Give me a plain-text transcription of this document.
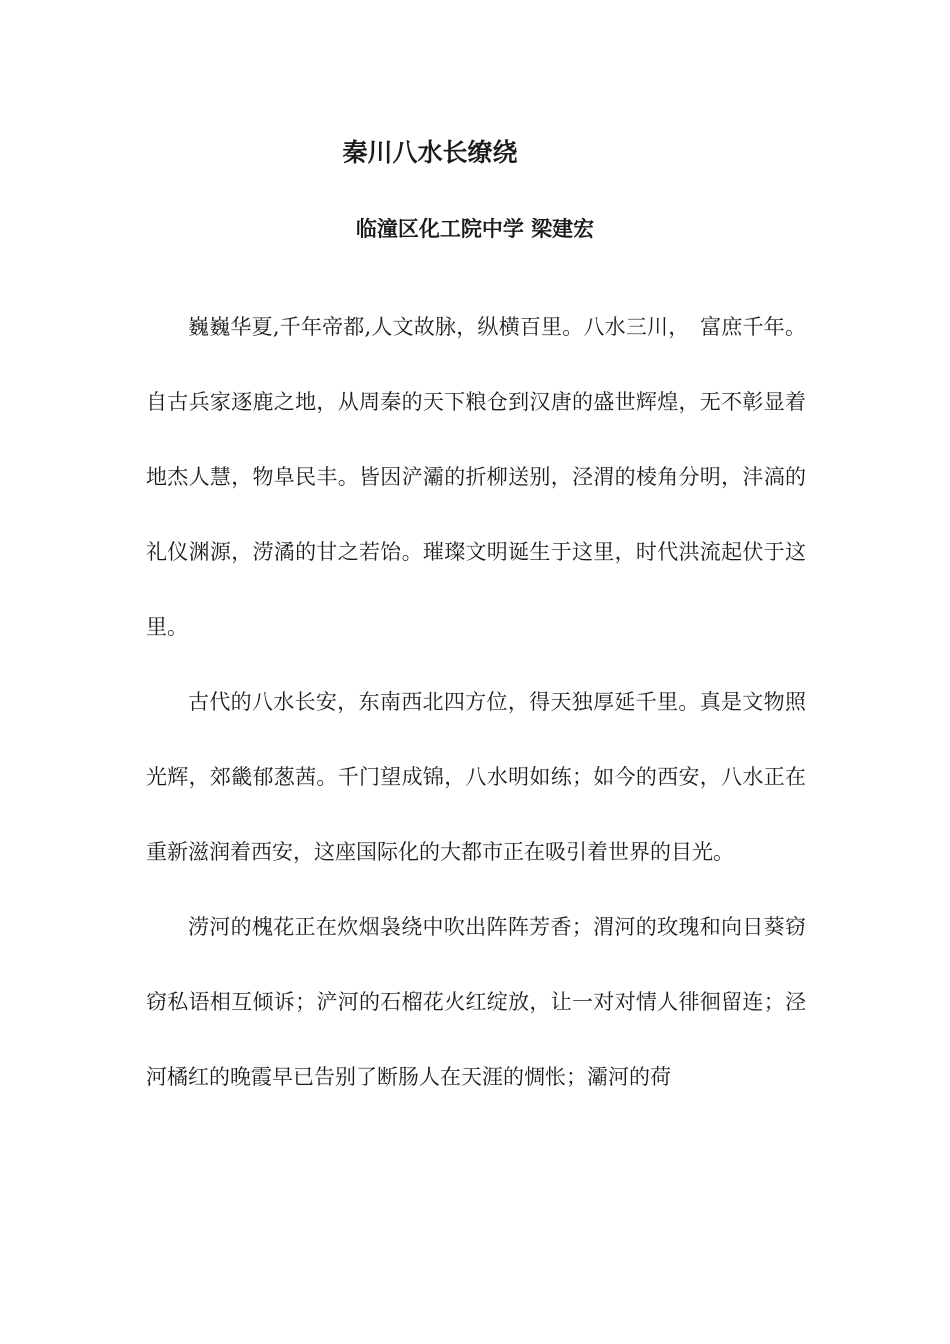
秦川八水长缭绕
临潼区化工院中学 梁建宏

巍巍华夏,千年帝都,人文故脉，纵横百里。八水三川，　富庶千年。自古兵家逐鹿之地，从周秦的天下粮仓到汉唐的盛世辉煌，无不彰显着地杰人慧，物阜民丰。皆因浐灞的折柳送别，泾渭的棱角分明，沣滈的礼仪渊源，涝潏的甘之若饴。璀璨文明诞生于这里，时代洪流起伏于这里。

古代的八水长安，东南西北四方位，得天独厚延千里。真是文物照光辉，郊畿郁葱茜。千门望成锦，八水明如练；如今的西安，八水正在重新滋润着西安，这座国际化的大都市正在吸引着世界的目光。

涝河的槐花正在炊烟袅绕中吹出阵阵芳香；渭河的玫瑰和向日葵窃窃私语相互倾诉；浐河的石榴花火红绽放，让一对对情人徘徊留连；泾河橘红的晚霞早已告别了断肠人在天涯的惆怅；灞河的荷
